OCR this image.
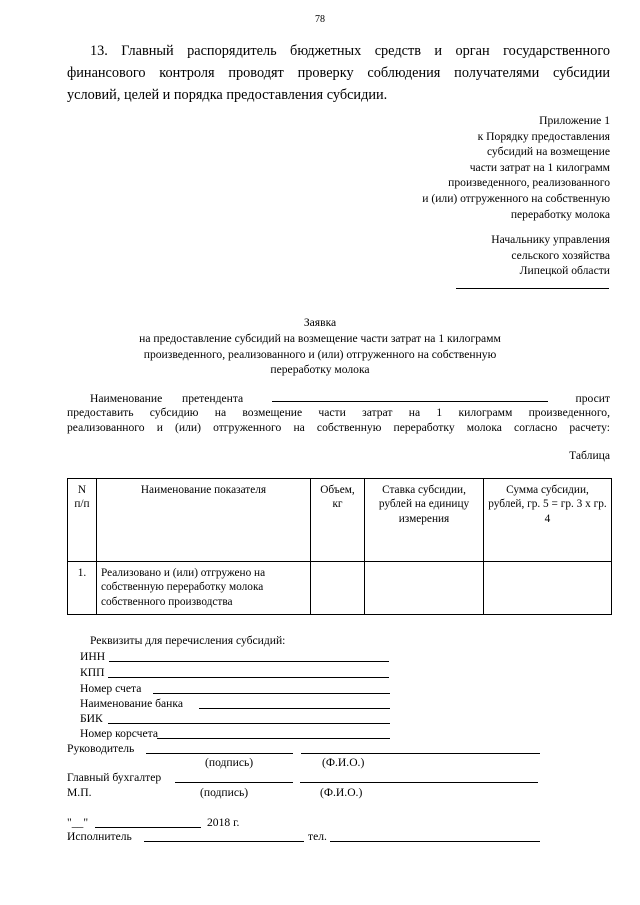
78
13. Главный распорядитель бюджетных средств и орган государственного
финансового контроля проводят проверку соблюдения получателями субсидии
условий, целей и порядка предоставления субсидии.
Приложение 1
к Порядку предоставления
субсидий на возмещение
части затрат на 1 килограмм
произведенного, реализованного
и (или) отгруженного на собственную
переработку молока
Начальнику управления
сельского хозяйства
Липецкой области
Заявка
на предоставление субсидий на возмещение части затрат на 1 килограмм
произведенного, реализованного и (или) отгруженного на собственную
переработку молока
Наименование претендента	просит
предоставить субсидию на возмещение части затрат на 1 килограмм произведенного,
реализованного и (или) отгруженного на собственную переработку молока согласно расчету:
Таблица
N п/п	Наименование показателя	Объем, кг	Ставка субсидии, рублей на единицу измерения	Сумма субсидии, рублей, гр. 5 = гр. 3 х гр. 4
1.	Реализовано и (или) отгружено на собственную переработку молока собственного производства			
Реквизиты для перечисления субсидий:
ИНН
КПП
Номер счета
Наименование банка
БИК
Номер корсчета
Руководитель
(подпись)	(Ф.И.О.)
Главный бухгалтер
М.П.	(подпись)	(Ф.И.О.)
"__"	2018 г.
Исполнитель	тел.
